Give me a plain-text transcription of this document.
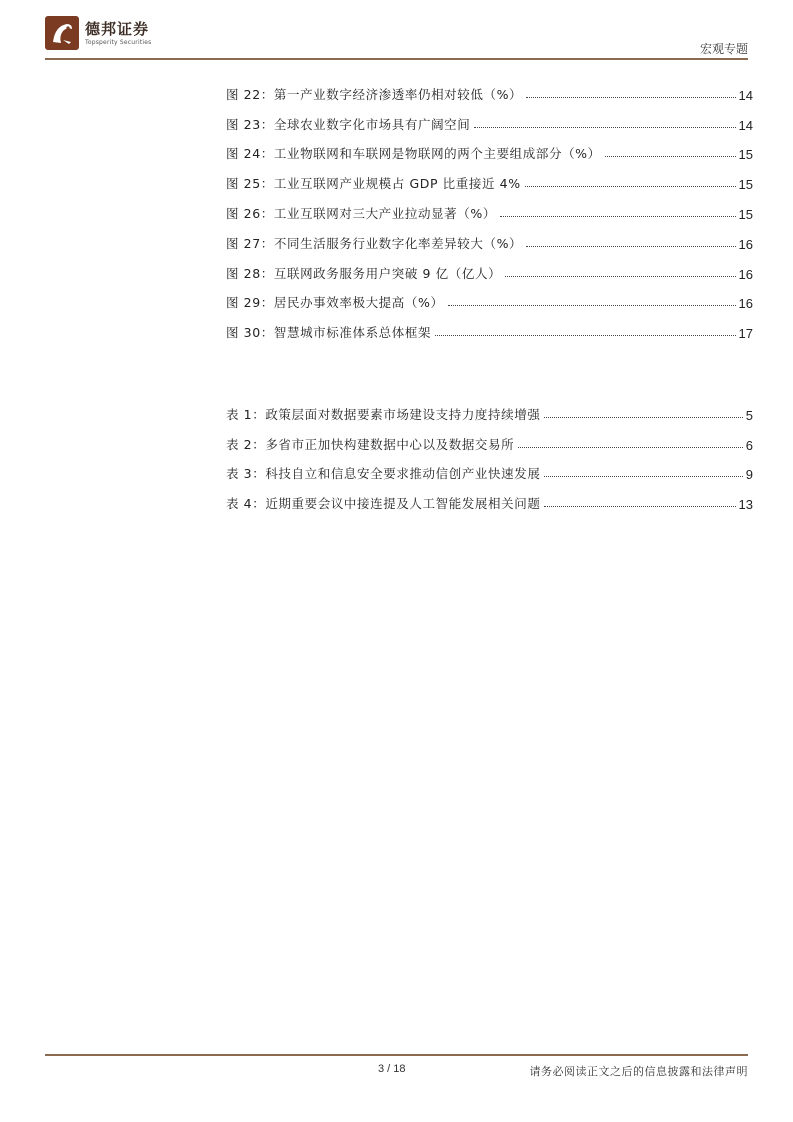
德邦证券
Topsperity Securities	宏观专题
图 22：第一产业数字经济渗透率仍相对较低（%）	14
图 23：全球农业数字化市场具有广阔空间	14
图 24：工业物联网和车联网是物联网的两个主要组成部分（%）	15
图 25：工业互联网产业规模占 GDP 比重接近 4%	15
图 26：工业互联网对三大产业拉动显著（%）	15
图 27：不同生活服务行业数字化率差异较大（%）	16
图 28：互联网政务服务用户突破 9 亿（亿人）	16
图 29：居民办事效率极大提高（%）	16
图 30：智慧城市标准体系总体框架	17
表 1：政策层面对数据要素市场建设支持力度持续增强	5
表 2：多省市正加快构建数据中心以及数据交易所	6
表 3：科技自立和信息安全要求推动信创产业快速发展	9
表 4：近期重要会议中接连提及人工智能发展相关问题	13
3 / 18	请务必阅读正文之后的信息披露和法律声明
